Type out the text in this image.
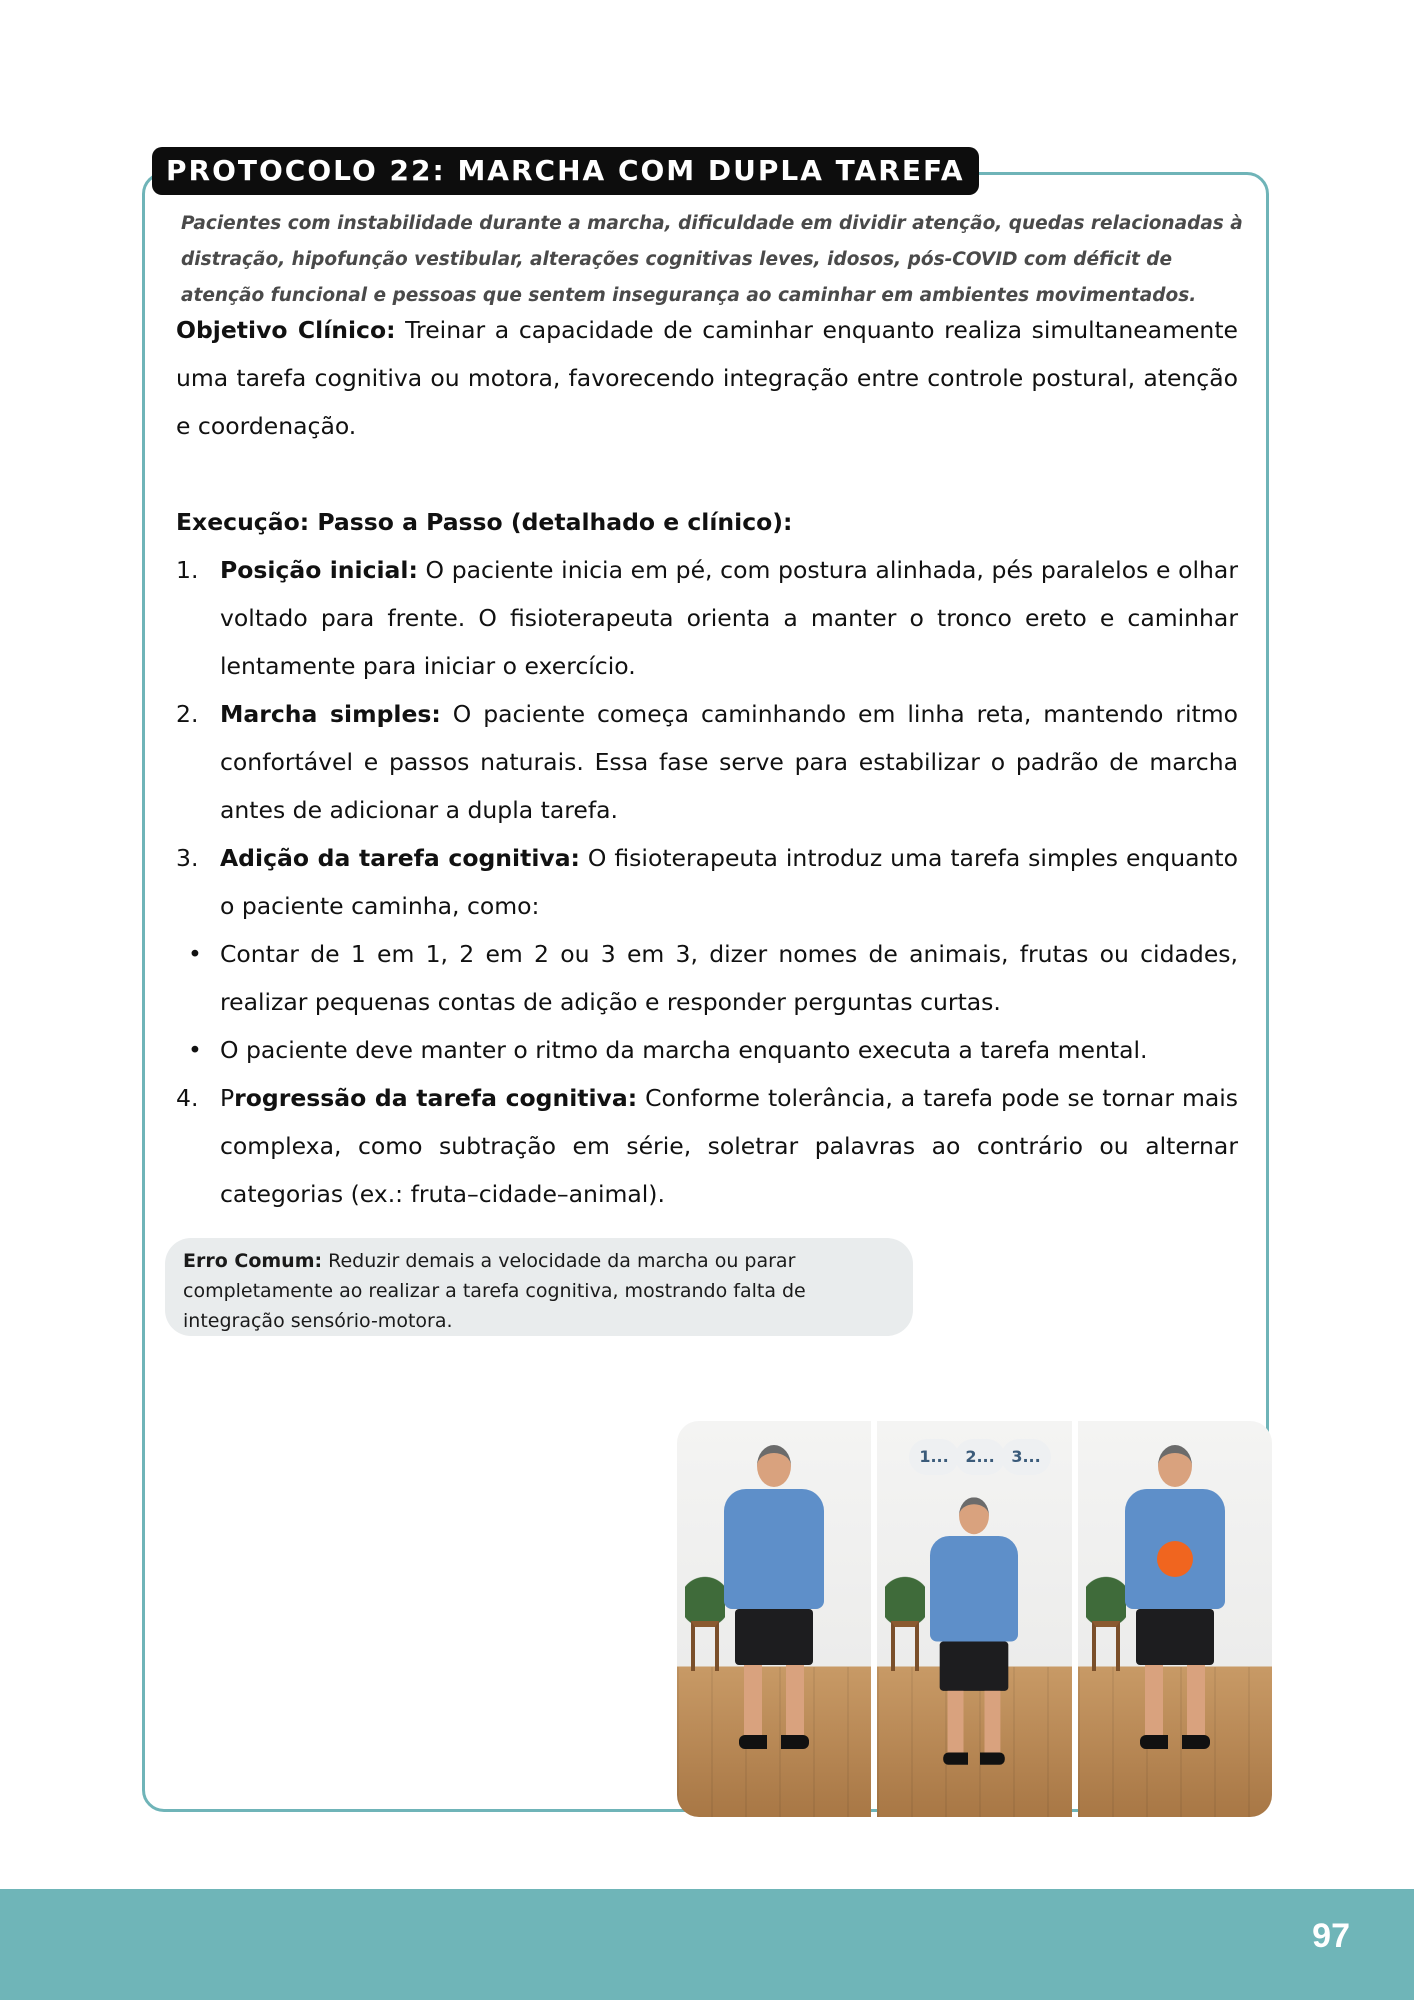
PROTOCOLO 22: MARCHA COM DUPLA TAREFA
Pacientes com instabilidade durante a marcha, dificuldade em dividir atenção, quedas relacionadas à distração, hipofunção vestibular, alterações cognitivas leves, idosos, pós-COVID com déficit de atenção funcional e pessoas que sentem insegurança ao caminhar em ambientes movimentados.

Objetivo Clínico: Treinar a capacidade de caminhar enquanto realiza simultaneamente uma tarefa cognitiva ou motora, favorecendo integração entre controle postural, atenção e coordenação.

Execução: Passo a Passo (detalhado e clínico):

1. Posição inicial: O paciente inicia em pé, com postura alinhada, pés paralelos e olhar voltado para frente. O fisioterapeuta orienta a manter o tronco ereto e caminhar lentamente para iniciar o exercício.
2. Marcha simples: O paciente começa caminhando em linha reta, mantendo ritmo confortável e passos naturais. Essa fase serve para estabilizar o padrão de marcha antes de adicionar a dupla tarefa.
3. Adição da tarefa cognitiva: O fisioterapeuta introduz uma tarefa simples enquanto o paciente caminha, como:
• Contar de 1 em 1, 2 em 2 ou 3 em 3, dizer nomes de animais, frutas ou cidades, realizar pequenas contas de adição e responder perguntas curtas.
• O paciente deve manter o ritmo da marcha enquanto executa a tarefa mental.
4. Progressão da tarefa cognitiva: Conforme tolerância, a tarefa pode se tornar mais complexa, como subtração em série, soletrar palavras ao contrário ou alternar categorias (ex.: fruta–cidade–animal).
Erro Comum: Reduzir demais a velocidade da marcha ou parar completamente ao realizar a tarefa cognitiva, mostrando falta de integração sensório-motora.
1...	2...	3...
97
